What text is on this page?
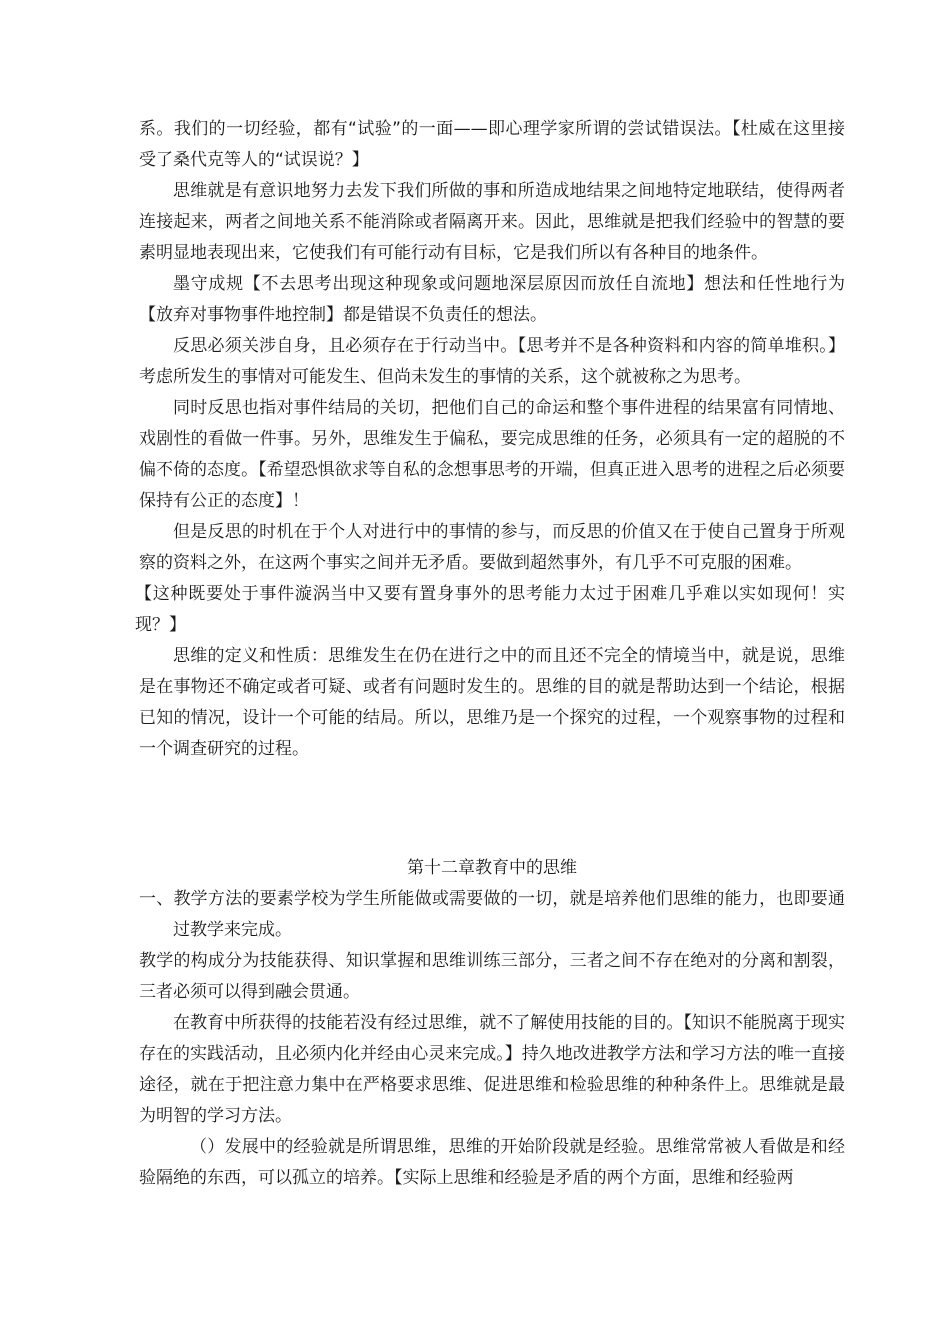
系。我们的一切经验，都有“试验”的一面——即心理学家所谓的尝试错误法。【杜威在这里接受了桑代克等人的“试误说？】

思维就是有意识地努力去发下我们所做的事和所造成地结果之间地特定地联结，使得两者连接起来，两者之间地关系不能消除或者隔离开来。因此，思维就是把我们经验中的智慧的要素明显地表现出来，它使我们有可能行动有目标，它是我们所以有各种目的地条件。

墨守成规【不去思考出现这种现象或问题地深层原因而放任自流地】想法和任性地行为【放弃对事物事件地控制】都是错误不负责任的想法。

反思必须关涉自身，且必须存在于行动当中。【思考并不是各种资料和内容的简单堆积。】考虑所发生的事情对可能发生、但尚未发生的事情的关系，这个就被称之为思考。

同时反思也指对事件结局的关切，把他们自己的命运和整个事件进程的结果富有同情地、戏剧性的看做一件事。另外，思维发生于偏私，要完成思维的任务，必须具有一定的超脱的不偏不倚的态度。【希望恐惧欲求等自私的念想事思考的开端，但真正进入思考的进程之后必须要保持有公正的态度】！

但是反思的时机在于个人对进行中的事情的参与，而反思的价值又在于使自己置身于所观察的资料之外，在这两个事实之间并无矛盾。要做到超然事外，有几乎不可克服的困难。

【这种既要处于事件漩涡当中又要有置身事外的思考能力太过于困难几乎难以实如现何！实现？】

思维的定义和性质：思维发生在仍在进行之中的而且还不完全的情境当中，就是说，思维是在事物还不确定或者可疑、或者有问题时发生的。思维的目的就是帮助达到一个结论，根据已知的情况，设计一个可能的结局。所以，思维乃是一个探究的过程，一个观察事物的过程和一个调查研究的过程。

第十二章教育中的思维

一、教学方法的要素学校为学生所能做或需要做的一切，就是培养他们思维的能力，也即要通过教学来完成。

教学的构成分为技能获得、知识掌握和思维训练三部分，三者之间不存在绝对的分离和割裂，三者必须可以得到融会贯通。

在教育中所获得的技能若没有经过思维，就不了解使用技能的目的。【知识不能脱离于现实存在的实践活动，且必须内化并经由心灵来完成。】持久地改进教学方法和学习方法的唯一直接途径，就在于把注意力集中在严格要求思维、促进思维和检验思维的种种条件上。思维就是最为明智的学习方法。

（）发展中的经验就是所谓思维，思维的开始阶段就是经验。思维常常被人看做是和经验隔绝的东西，可以孤立的培养。【实际上思维和经验是矛盾的两个方面，思维和经验两
